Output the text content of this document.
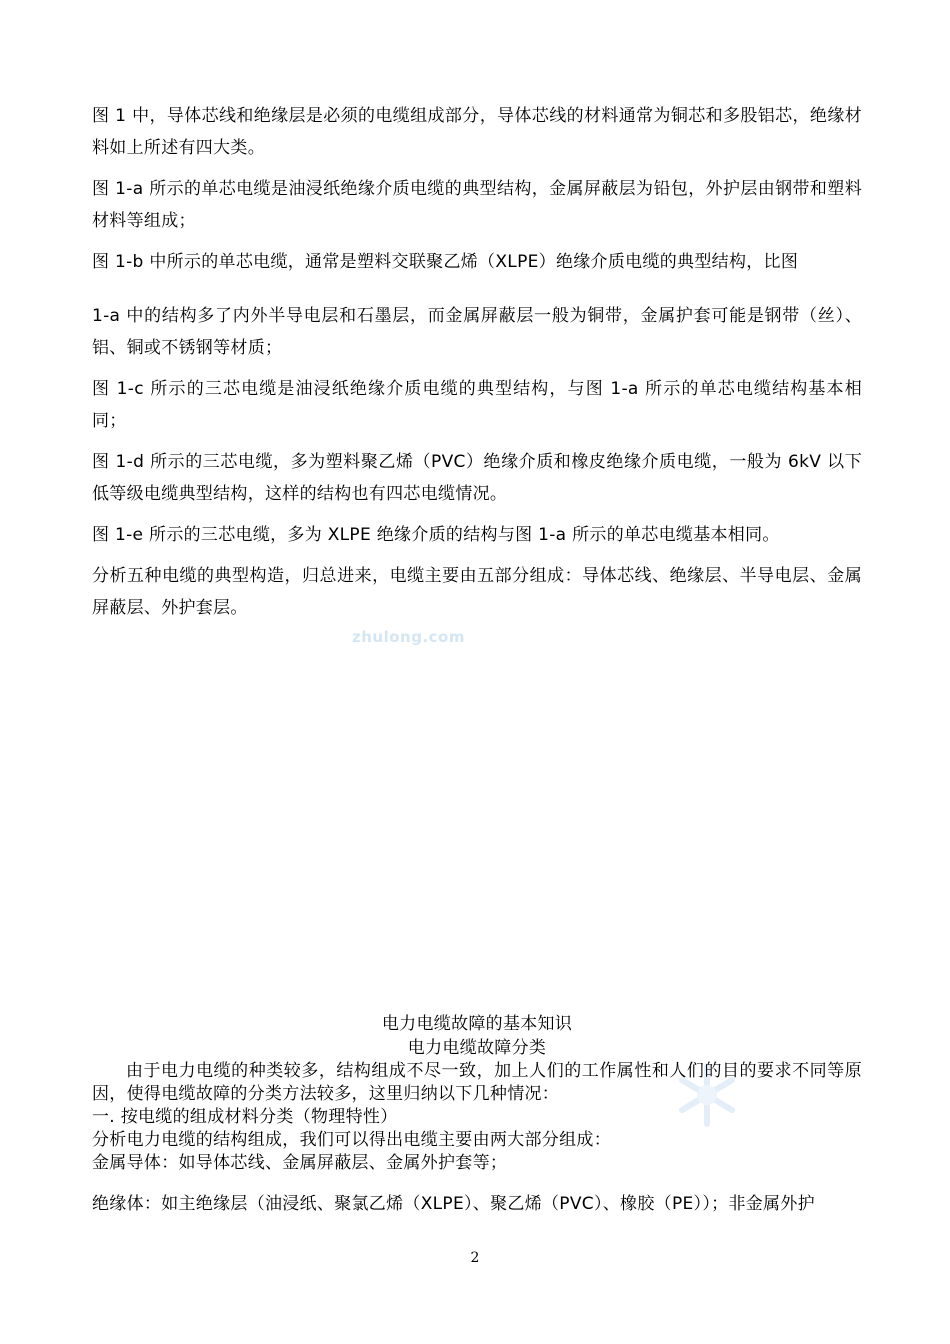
图 1 中，导体芯线和绝缘层是必须的电缆组成部分，导体芯线的材料通常为铜芯和多股铝芯，绝缘材料如上所述有四大类。

图 1-a 所示的单芯电缆是油浸纸绝缘介质电缆的典型结构，金属屏蔽层为铅包，外护层由钢带和塑料材料等组成；

图 1-b 中所示的单芯电缆，通常是塑料交联聚乙烯（XLPE）绝缘介质电缆的典型结构，比图
1-a 中的结构多了内外半导电层和石墨层，而金属屏蔽层一般为铜带，金属护套可能是钢带（丝）、铝、铜或不锈钢等材质；

图 1-c 所示的三芯电缆是油浸纸绝缘介质电缆的典型结构，与图 1-a 所示的单芯电缆结构基本相同；

图 1-d 所示的三芯电缆，多为塑料聚乙烯（PVC）绝缘介质和橡皮绝缘介质电缆，一般为 6kV 以下低等级电缆典型结构，这样的结构也有四芯电缆情况。

图 1-e 所示的三芯电缆，多为 XLPE 绝缘介质的结构与图 1-a 所示的单芯电缆基本相同。

分析五种电缆的典型构造，归总进来，电缆主要由五部分组成：导体芯线、绝缘层、半导电层、金属屏蔽层、外护套层。

zhulong.com

电力电缆故障的基本知识

电力电缆故障分类

由于电力电缆的种类较多，结构组成不尽一致，加上人们的工作属性和人们的目的要求不同等原因，使得电缆故障的分类方法较多，这里归纳以下几种情况：

一. 按电缆的组成材料分类（物理特性）

分析电力电缆的结构组成，我们可以得出电缆主要由两大部分组成：

金属导体：如导体芯线、金属屏蔽层、金属外护套等；

绝缘体：如主绝缘层（油浸纸、聚氯乙烯（XLPE）、聚乙烯（PVC）、橡胶（PE））；非金属外护

2
